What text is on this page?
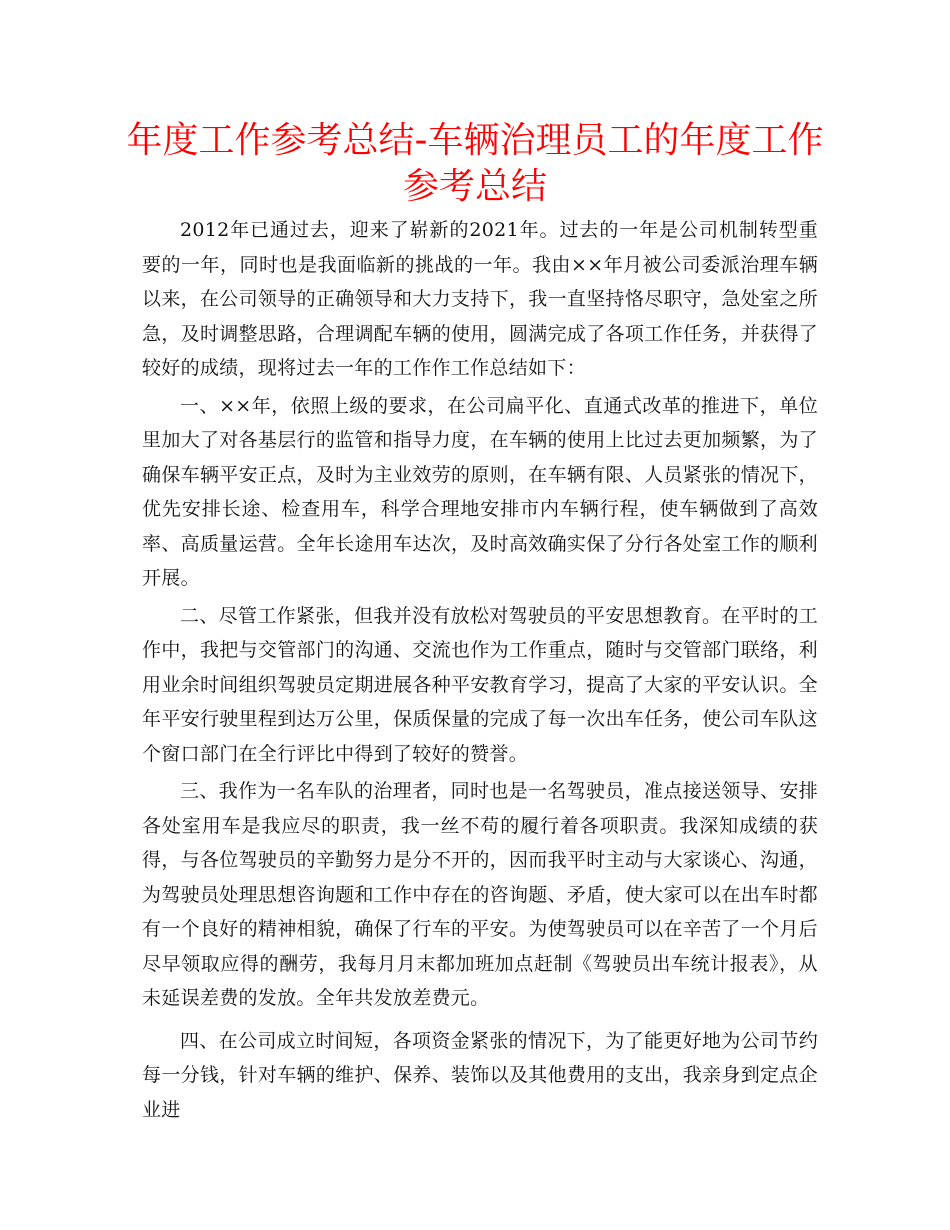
年度工作参考总结-车辆治理员工的年度工作参考总结

2012年已通过去，迎来了崭新的2021年。过去的一年是公司机制转型重要的一年，同时也是我面临新的挑战的一年。我由××年月被公司委派治理车辆以来，在公司领导的正确领导和大力支持下，我一直坚持恪尽职守，急处室之所急，及时调整思路，合理调配车辆的使用，圆满完成了各项工作任务，并获得了较好的成绩，现将过去一年的工作作工作总结如下：

一、××年，依照上级的要求，在公司扁平化、直通式改革的推进下，单位里加大了对各基层行的监管和指导力度，在车辆的使用上比过去更加频繁，为了确保车辆平安正点，及时为主业效劳的原则，在车辆有限、人员紧张的情况下，优先安排长途、检查用车，科学合理地安排市内车辆行程，使车辆做到了高效率、高质量运营。全年长途用车达次，及时高效确实保了分行各处室工作的顺利开展。

二、尽管工作紧张，但我并没有放松对驾驶员的平安思想教育。在平时的工作中，我把与交管部门的沟通、交流也作为工作重点，随时与交管部门联络，利用业余时间组织驾驶员定期进展各种平安教育学习，提高了大家的平安认识。全年平安行驶里程到达万公里，保质保量的完成了每一次出车任务，使公司车队这个窗口部门在全行评比中得到了较好的赞誉。

三、我作为一名车队的治理者，同时也是一名驾驶员，准点接送领导、安排各处室用车是我应尽的职责，我一丝不苟的履行着各项职责。我深知成绩的获得，与各位驾驶员的辛勤努力是分不开的，因而我平时主动与大家谈心、沟通，为驾驶员处理思想咨询题和工作中存在的咨询题、矛盾，使大家可以在出车时都有一个良好的精神相貌，确保了行车的平安。为使驾驶员可以在辛苦了一个月后尽早领取应得的酬劳，我每月月末都加班加点赶制《驾驶员出车统计报表》，从未延误差费的发放。全年共发放差费元。

四、在公司成立时间短，各项资金紧张的情况下，为了能更好地为公司节约每一分钱，针对车辆的维护、保养、装饰以及其他费用的支出，我亲身到定点企业进
